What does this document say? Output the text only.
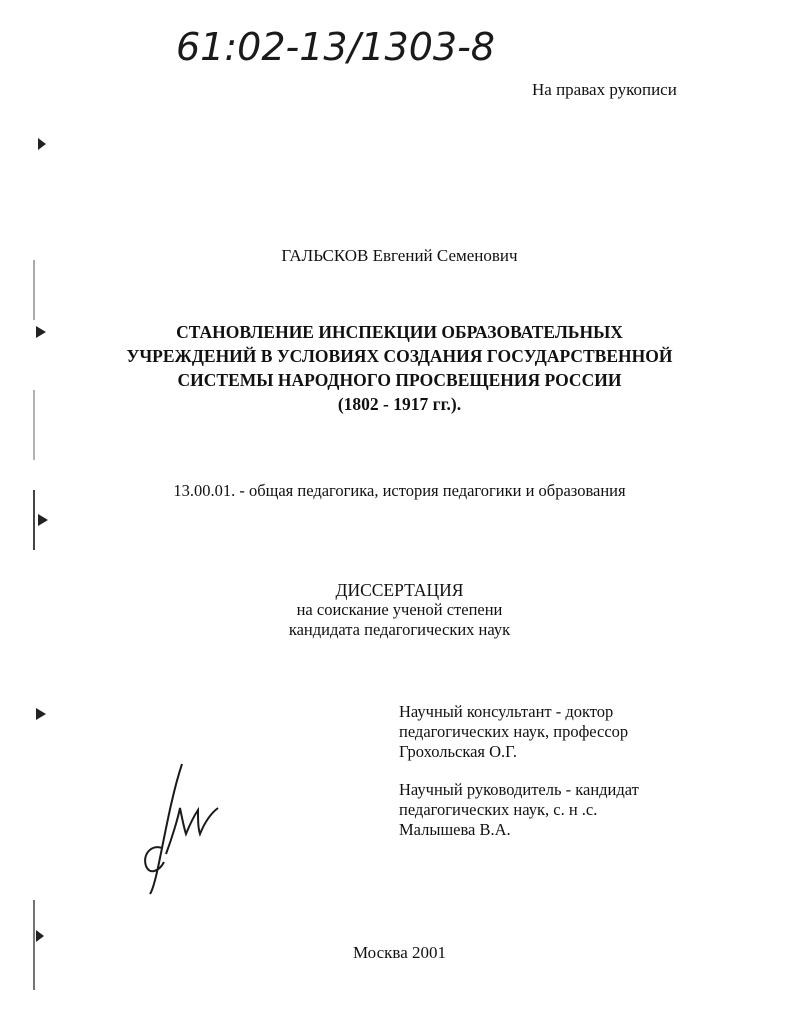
61:02-13/1303-8
На правах рукописи
ГАЛЬСКОВ Евгений Семенович
СТАНОВЛЕНИЕ ИНСПЕКЦИИ ОБРАЗОВАТЕЛЬНЫХ
УЧРЕЖДЕНИЙ В УСЛОВИЯХ СОЗДАНИЯ ГОСУДАРСТВЕННОЙ
СИСТЕМЫ НАРОДНОГО ПРОСВЕЩЕНИЯ РОССИИ
(1802 - 1917 гг.).
13.00.01. - общая педагогика, история педагогики и образования
ДИССЕРТАЦИЯ
на соискание ученой степени
кандидата педагогических наук
Научный консультант - доктор
педагогических наук, профессор
Грохольская О.Г.
Научный руководитель - кандидат
педагогических наук, с. н .с.
Малышева В.А.
Москва 2001
